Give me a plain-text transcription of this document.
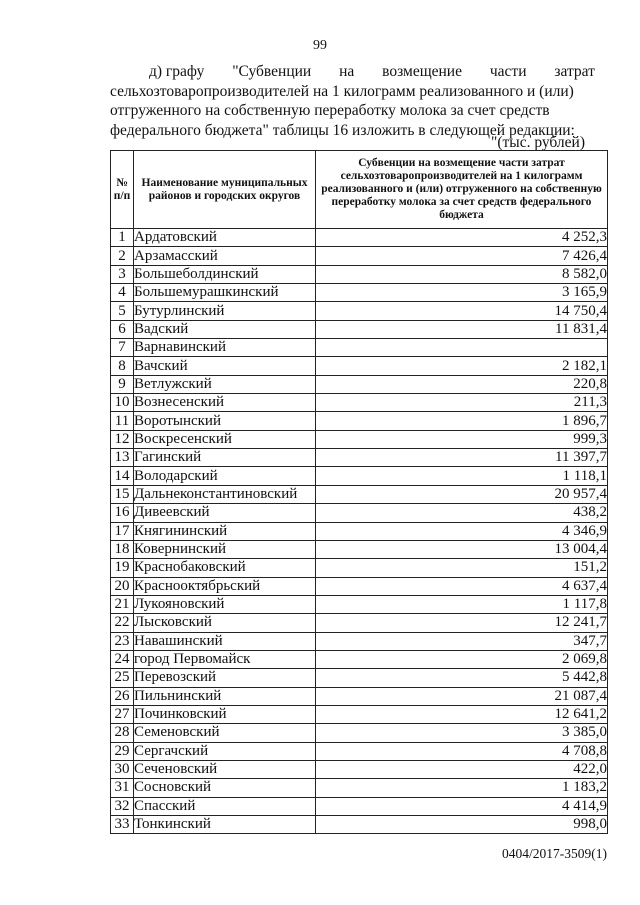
99
д) графу "Субвенции на возмещение части затрат
сельхозтоваропроизводителей на 1 килограмм реализованного и (или)
отгруженного на собственную переработку молока за счет средств
федерального бюджета" таблицы 16 изложить в следующей редакции:
"(тыс. рублей)
№ п/п	Наименование муниципальных районов и городских округов	Субвенции на возмещение части затрат сельхозтоваропроизводителей на 1 килограмм реализованного и (или) отгруженного на собственную переработку молока за счет средств федерального бюджета
1	Ардатовский	4 252,3
2	Арзамасский	7 426,4
3	Большеболдинский	8 582,0
4	Большемурашкинский	3 165,9
5	Бутурлинский	14 750,4
6	Вадский	11 831,4
7	Варнавинский	
8	Вачский	2 182,1
9	Ветлужский	220,8
10	Вознесенский	211,3
11	Воротынский	1 896,7
12	Воскресенский	999,3
13	Гагинский	11 397,7
14	Володарский	1 118,1
15	Дальнеконстантиновский	20 957,4
16	Дивеевский	438,2
17	Княгининский	4 346,9
18	Ковернинский	13 004,4
19	Краснобаковский	151,2
20	Краснооктябрьский	4 637,4
21	Лукояновский	1 117,8
22	Лысковский	12 241,7
23	Навашинский	347,7
24	город Первомайск	2 069,8
25	Перевозский	5 442,8
26	Пильнинский	21 087,4
27	Починковский	12 641,2
28	Семеновский	3 385,0
29	Сергачский	4 708,8
30	Сеченовский	422,0
31	Сосновский	1 183,2
32	Спасский	4 414,9
33	Тонкинский	998,0
0404/2017-3509(1)
